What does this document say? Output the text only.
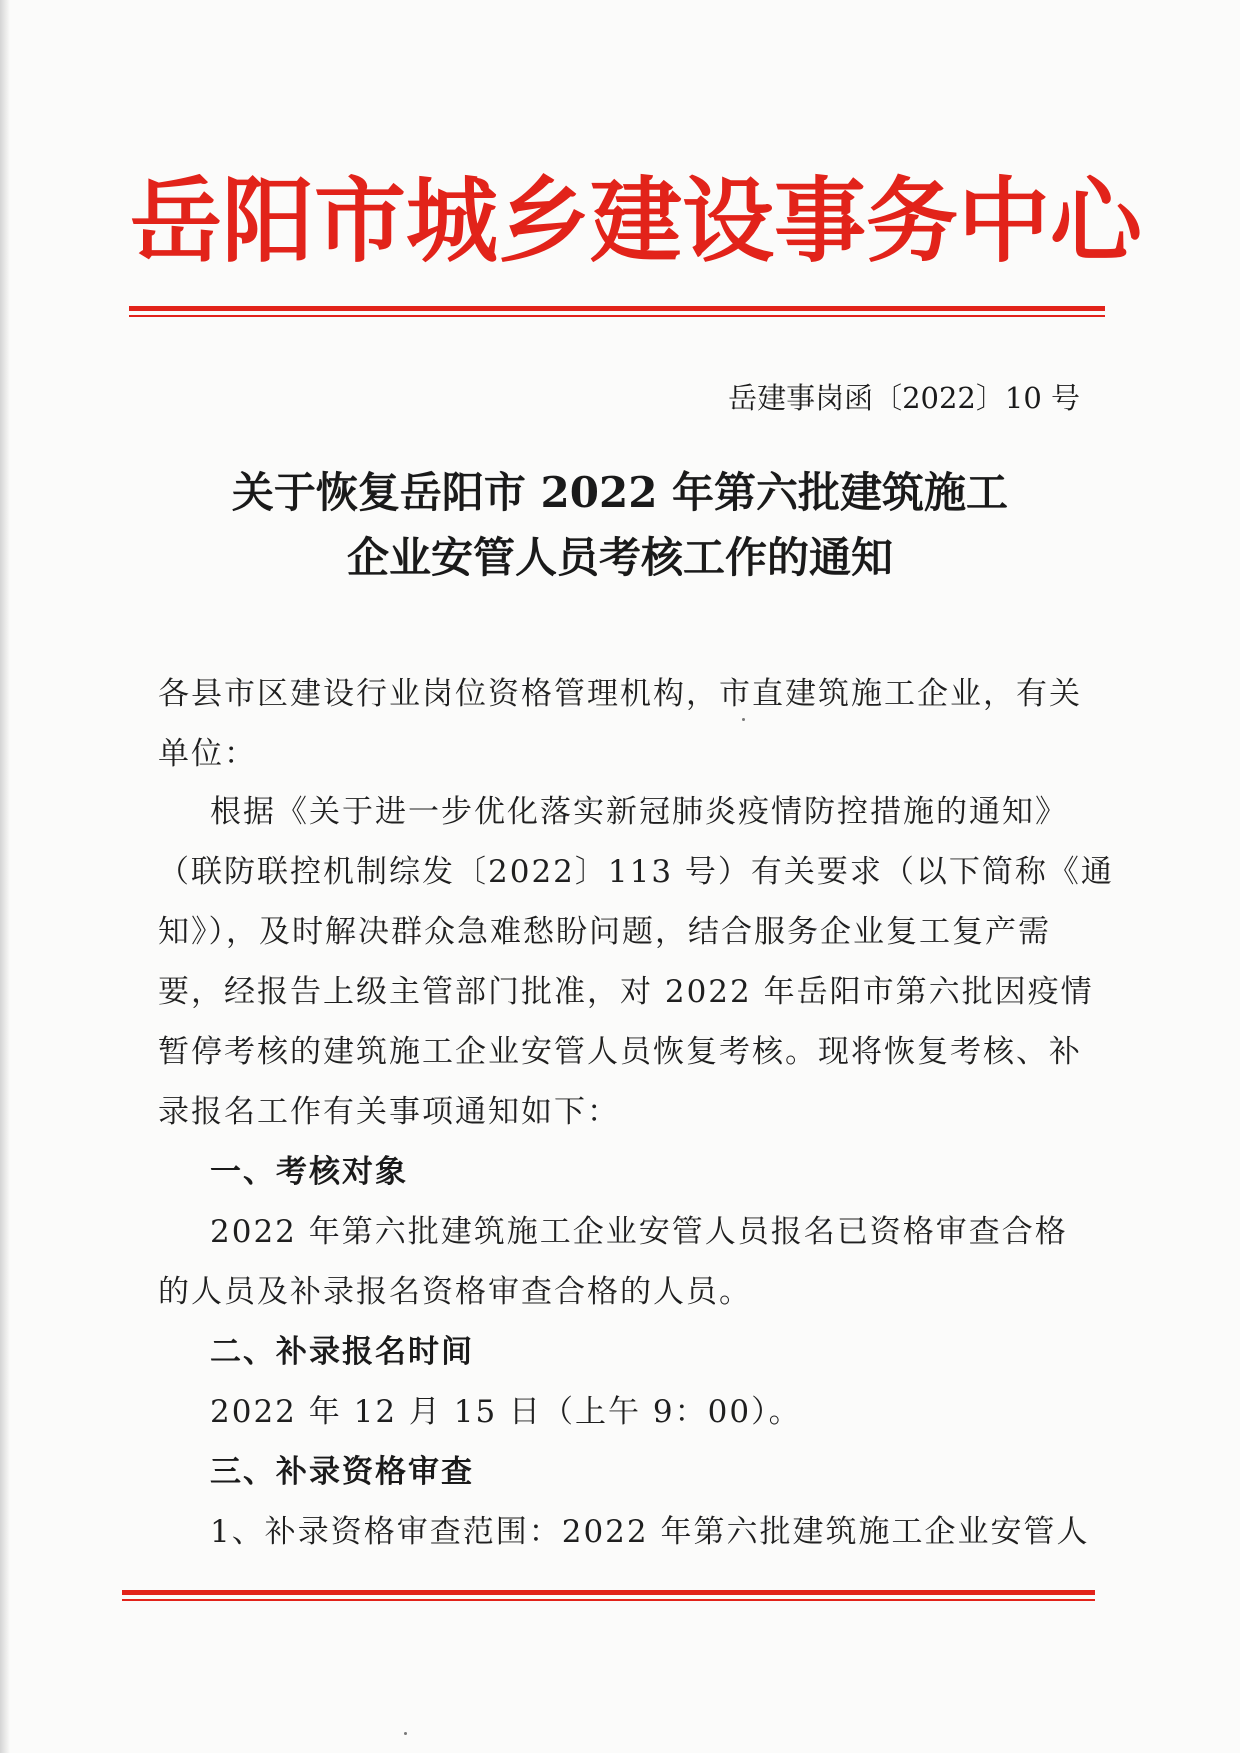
岳阳市城乡建设事务中心
岳建事岗函〔2022〕10 号
关于恢复岳阳市 2022 年第六批建筑施工
企业安管人员考核工作的通知
各县市区建设行业岗位资格管理机构，市直建筑施工企业，有关
单位：
根据《关于进一步优化落实新冠肺炎疫情防控措施的通知》
（联防联控机制综发〔2022〕113 号）有关要求（以下简称《通
知》），及时解决群众急难愁盼问题，结合服务企业复工复产需
要，经报告上级主管部门批准，对 2022 年岳阳市第六批因疫情
暂停考核的建筑施工企业安管人员恢复考核。现将恢复考核、补
录报名工作有关事项通知如下：
一、考核对象
2022 年第六批建筑施工企业安管人员报名已资格审查合格
的人员及补录报名资格审查合格的人员。
二、补录报名时间
2022 年 12 月 15 日（上午 9：00）。
三、补录资格审查
1、补录资格审查范围：2022 年第六批建筑施工企业安管人
